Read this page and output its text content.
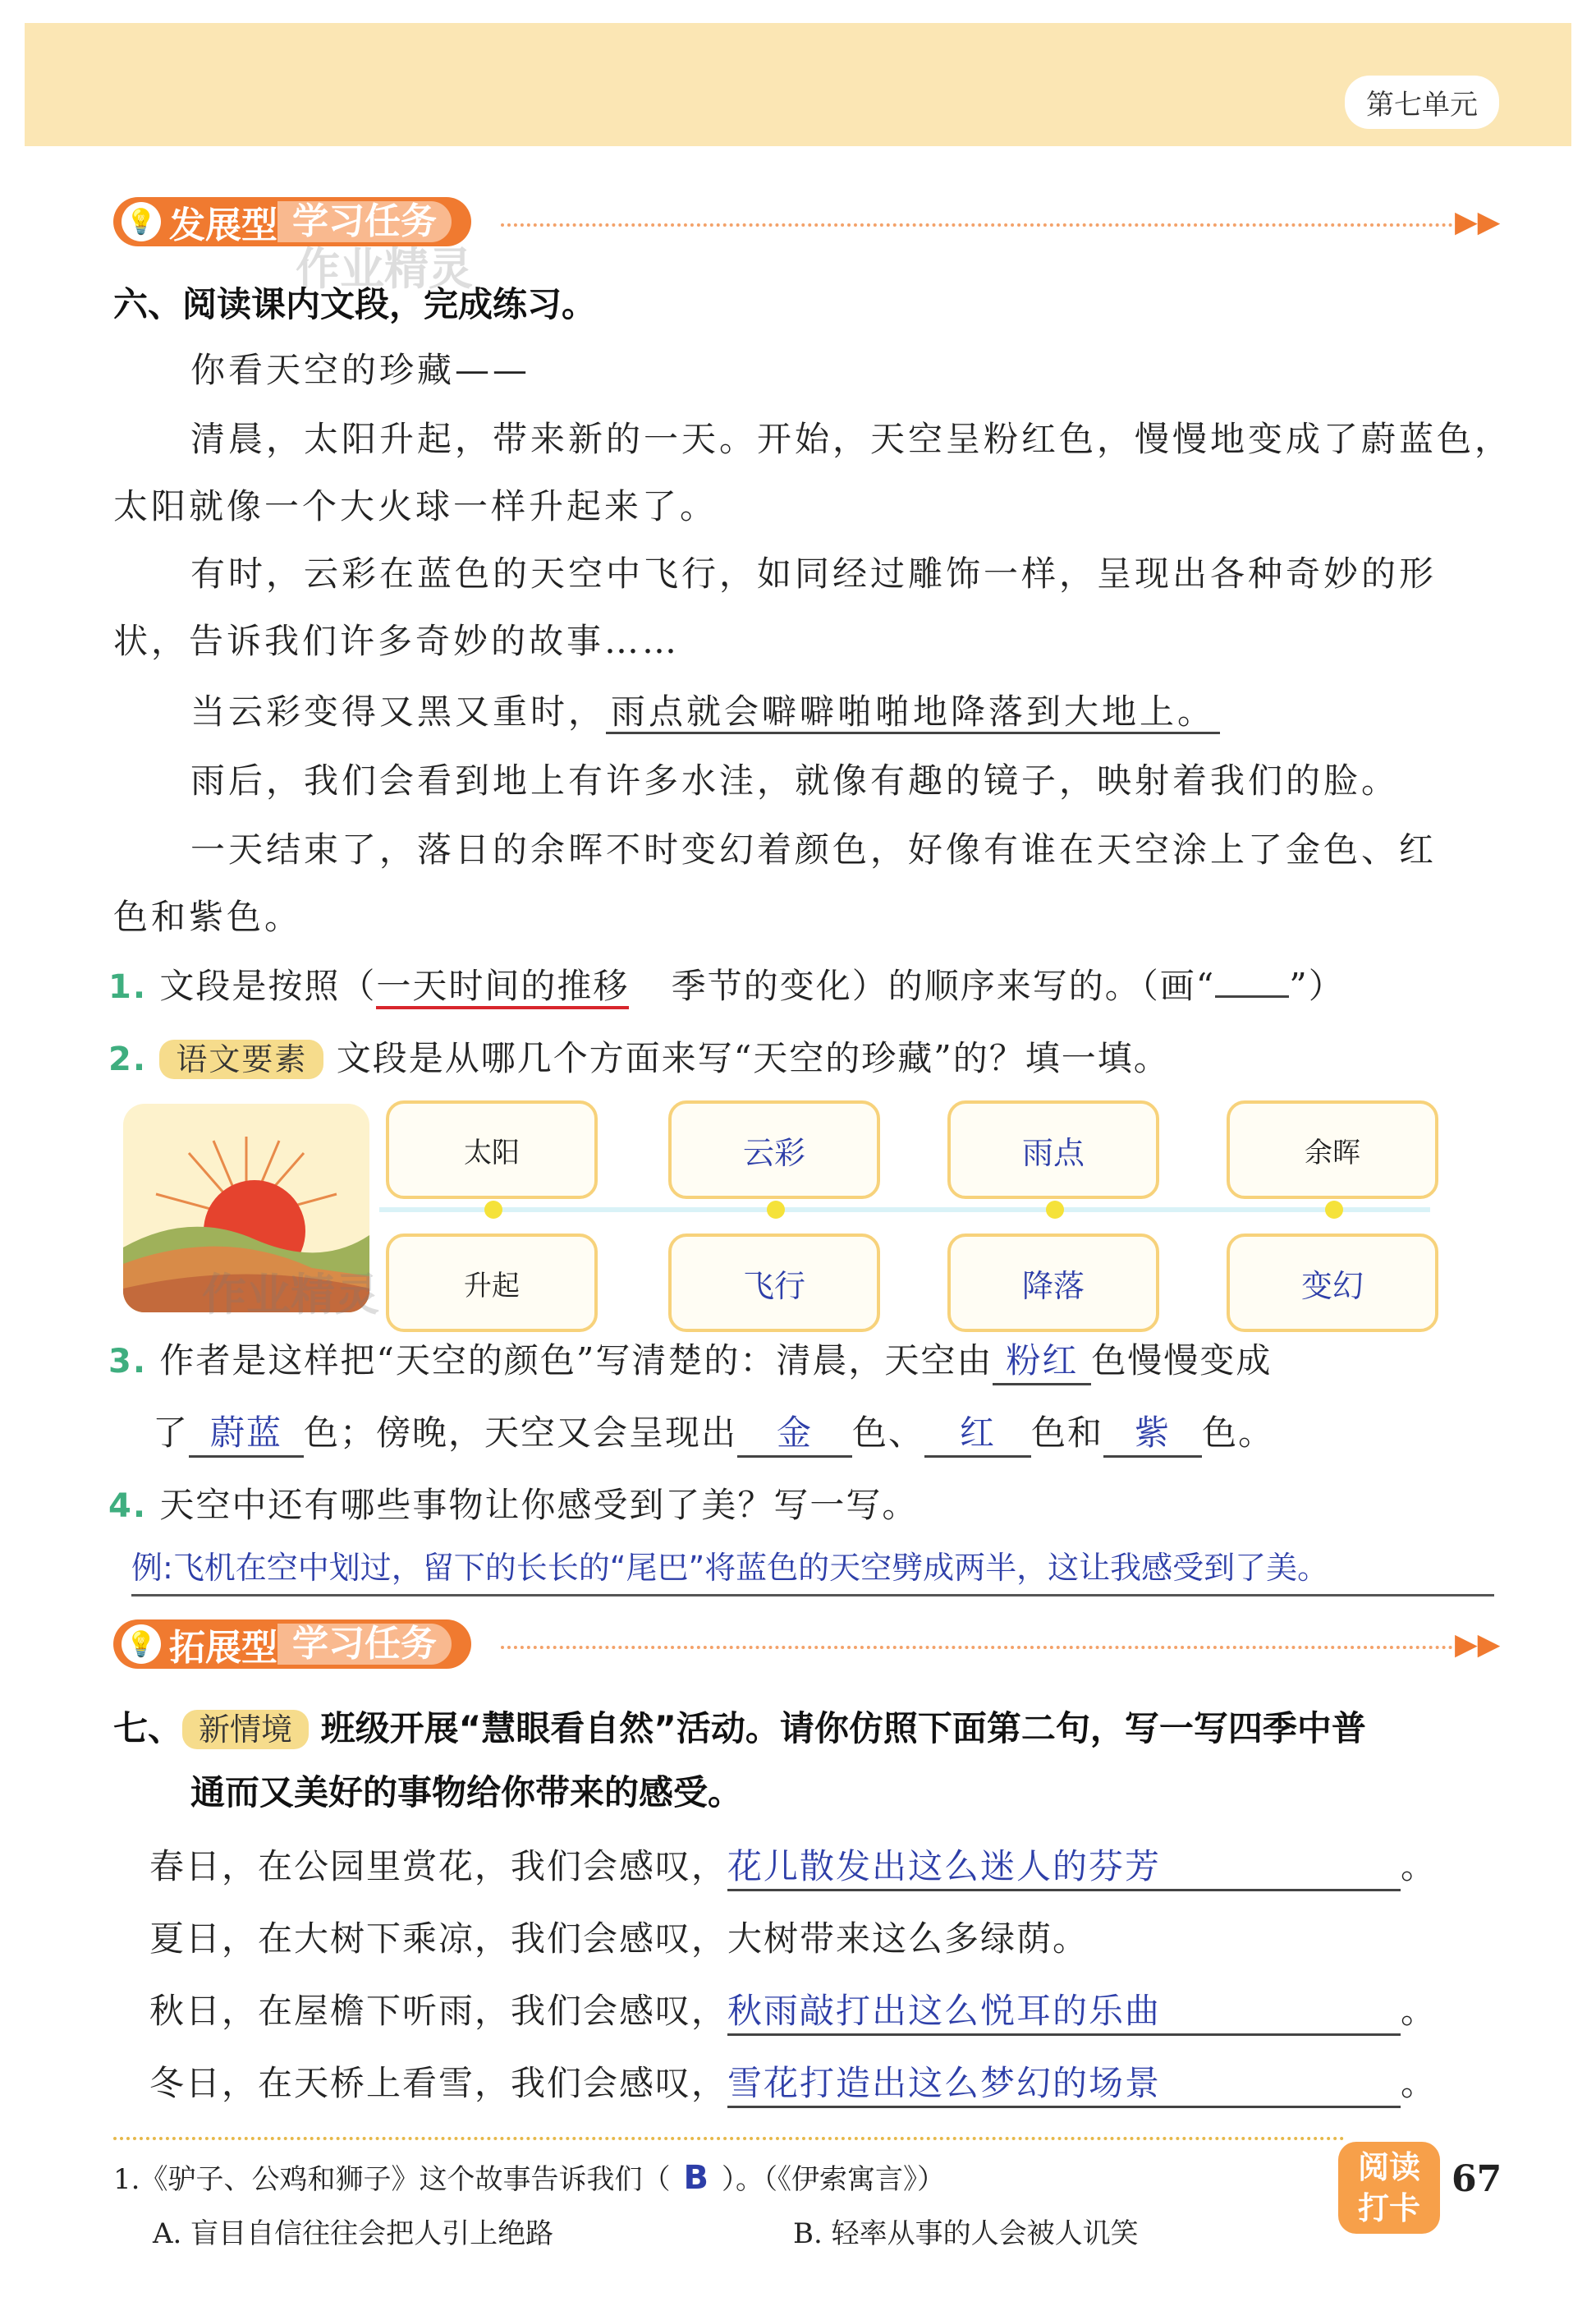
第七单元
💡 发展型 学习任务	▶▶
作业精灵
六、阅读课内文段，完成练习。
你看天空的珍藏——
清晨，太阳升起，带来新的一天。开始，天空呈粉红色，慢慢地变成了蔚蓝色，
太阳就像一个大火球一样升起来了。
有时，云彩在蓝色的天空中飞行，如同经过雕饰一样，呈现出各种奇妙的形
状，告诉我们许多奇妙的故事……
当云彩变得又黑又重时， 雨点就会噼噼啪啪地降落到大地上。
雨后，我们会看到地上有许多水洼，就像有趣的镜子，映射着我们的脸。
一天结束了，落日的余晖不时变幻着颜色，好像有谁在天空涂上了金色、红
色和紫色。
1. 文段是按照（一天时间的推移 季节的变化）的顺序来写的。（画“ ”）
2. 语文要素 文段是从哪几个方面来写“天空的珍藏”的？填一填。
作业精灵
太阳	云彩	雨点	余晖
升起	飞行	降落	变幻
3. 作者是这样把“天空的颜色”写清楚的：清晨，天空由 粉红 色慢慢变成
了 蔚蓝 色；傍晚，天空又会呈现出 金 色、 红 色和 紫 色。
4. 天空中还有哪些事物让你感受到了美？写一写。
例:飞机在空中划过，留下的长长的“尾巴”将蓝色的天空劈成两半，这让我感受到了美。
💡 拓展型 学习任务	▶▶
七、 新情境 班级开展“慧眼看自然”活动。请你仿照下面第二句，写一写四季中普
通而又美好的事物给你带来的感受。
春日，在公园里赏花，我们会感叹，花儿散发出这么迷人的芬芳	。
夏日，在大树下乘凉，我们会感叹，大树带来这么多绿荫。
秋日，在屋檐下听雨，我们会感叹，秋雨敲打出这么悦耳的乐曲	。
冬日，在天桥上看雪，我们会感叹，雪花打造出这么梦幻的场景	。
1.《驴子、公鸡和狮子》这个故事告诉我们（ B ）。（《伊索寓言》）
A. 盲目自信往往会把人引上绝路	B. 轻率从事的人会被人讥笑
阅读
打卡
67
